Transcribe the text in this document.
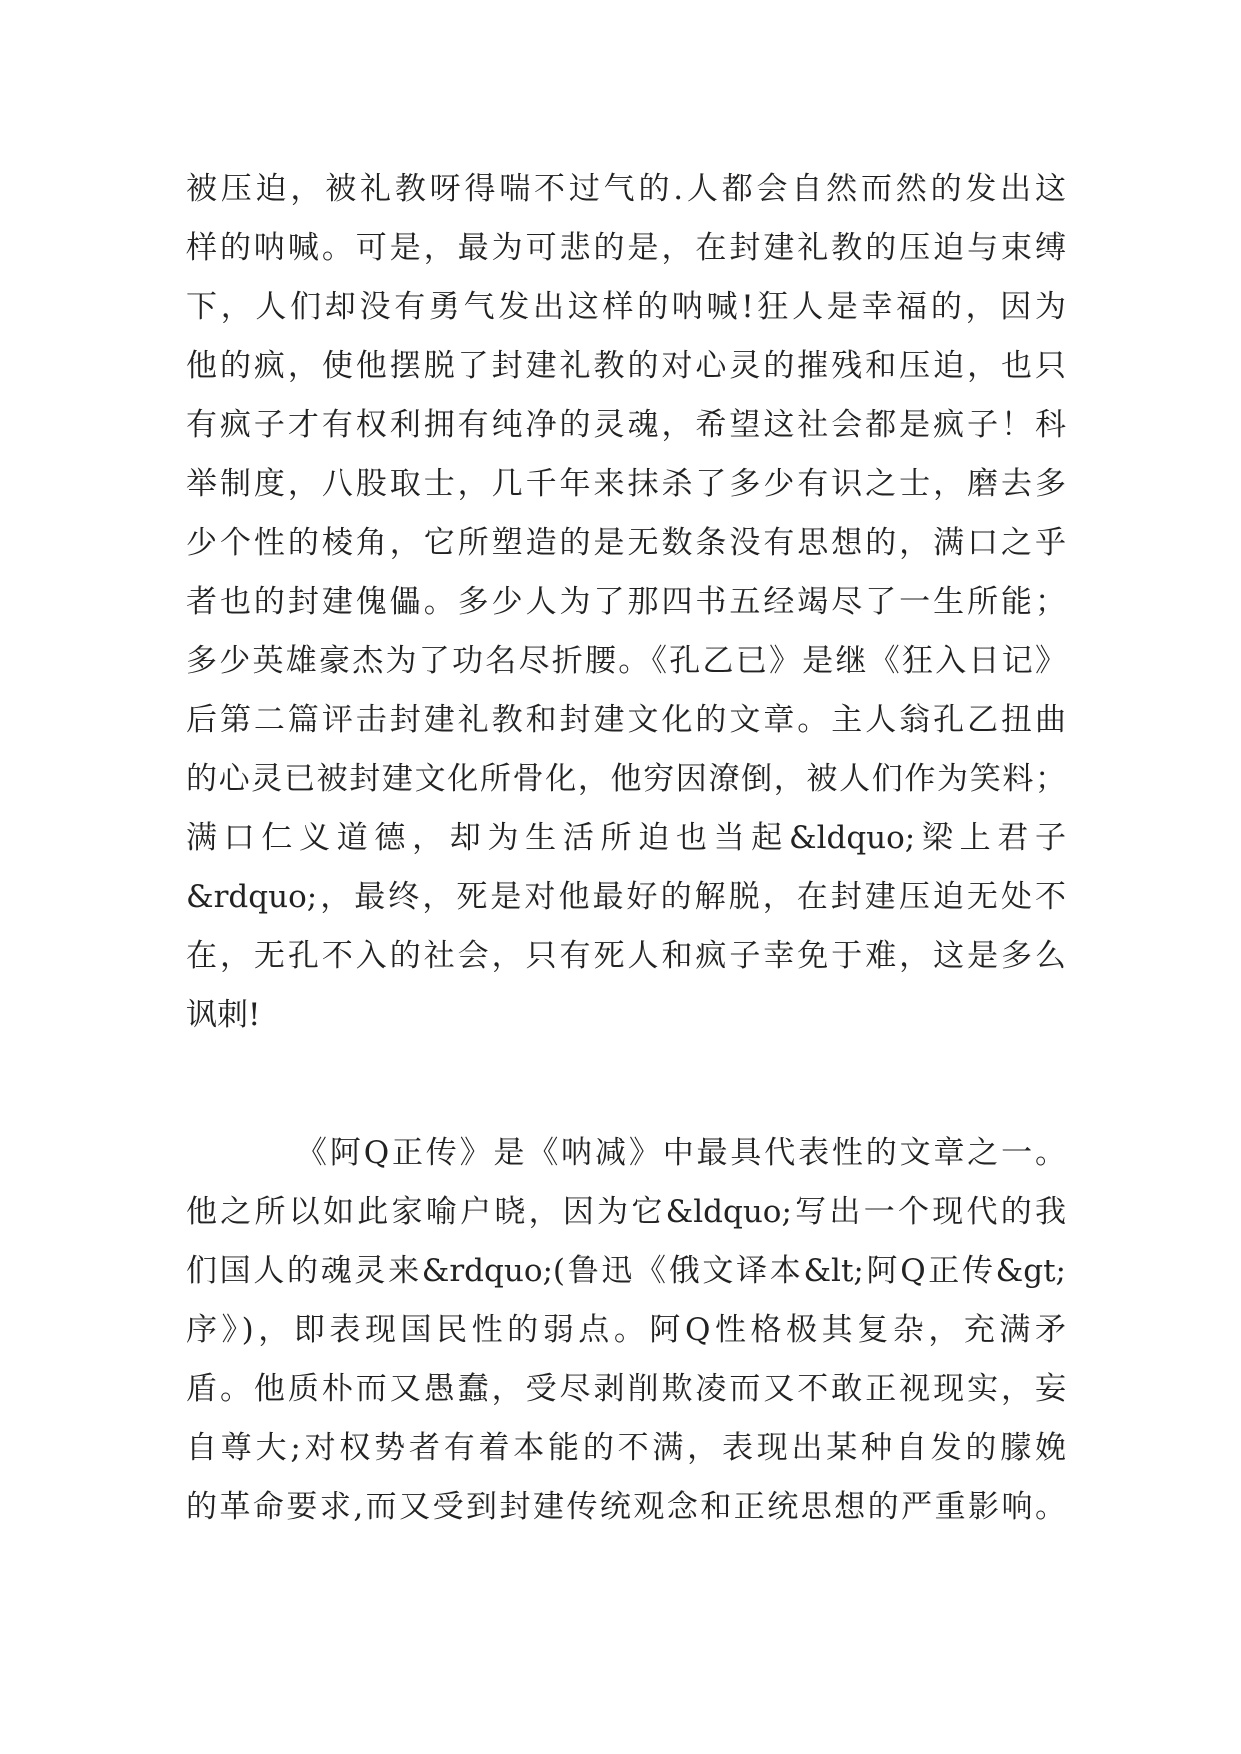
被压迫，被礼教呀得喘不过气的.人都会自然而然的发出这
样的呐喊。可是，最为可悲的是，在封建礼教的压迫与束缚
下，人们却没有勇气发出这样的呐喊!狂人是幸福的，因为
他的疯，使他摆脱了封建礼教的对心灵的摧残和压迫，也只
有疯子才有权利拥有纯净的灵魂，希望这社会都是疯子！科
举制度，八股取士，几千年来抹杀了多少有识之士，磨去多
少个性的棱角，它所塑造的是无数条没有思想的，满口之乎
者也的封建傀儡。多少人为了那四书五经竭尽了一生所能；
多少英雄豪杰为了功名尽折腰。《孔乙已》是继《狂入日记》
后第二篇评击封建礼教和封建文化的文章。主人翁孔乙扭曲
的心灵已被封建文化所骨化，他穷因潦倒，被人们作为笑料；
满口仁义道德，却为生活所迫也当起&ldquo;梁上君子
&rdquo;，最终，死是对他最好的解脱，在封建压迫无处不
在，无孔不入的社会，只有死人和疯子幸免于难，这是多么
讽刺!
《阿Q正传》是《呐减》中最具代表性的文章之一。
他之所以如此家喻户晓，因为它&ldquo;写出一个现代的我
们国人的魂灵来&rdquo;(鲁迅《俄文译本&lt;阿Q正传&gt;
序》)，即表现国民性的弱点。阿Q性格极其复杂，充满矛
盾。他质朴而又愚蠢，受尽剥削欺凌而又不敢正视现实，妄
自尊大;对权势者有着本能的不满，表现出某种自发的朦娩
的革命要求,而又受到封建传统观念和正统思想的严重影响。
